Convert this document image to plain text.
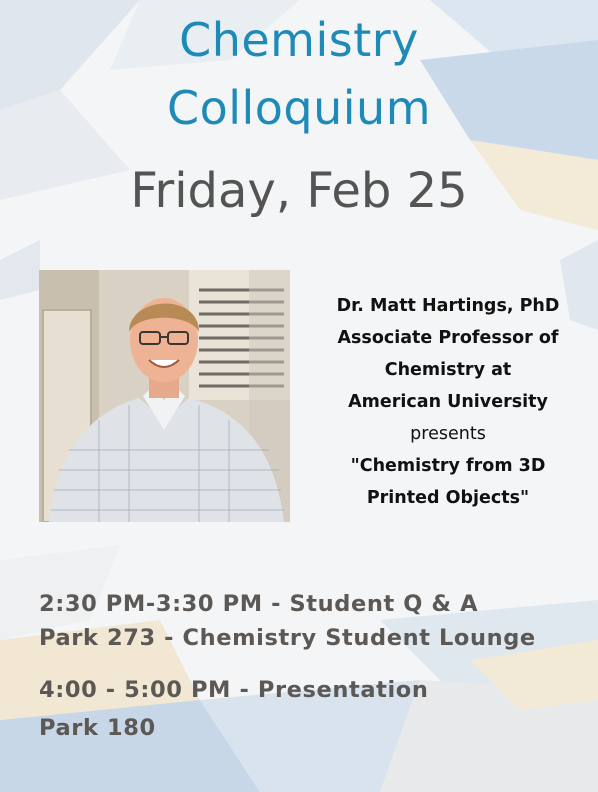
Chemistry
Colloquium
Friday, Feb 25
Dr. Matt Hartings, PhD
Associate Professor of
Chemistry at
American University
presents
"Chemistry from 3D
Printed Objects"
2:30 PM-3:30 PM - Student Q & A
Park 273 - Chemistry Student Lounge
4:00 - 5:00 PM - Presentation
Park 180
